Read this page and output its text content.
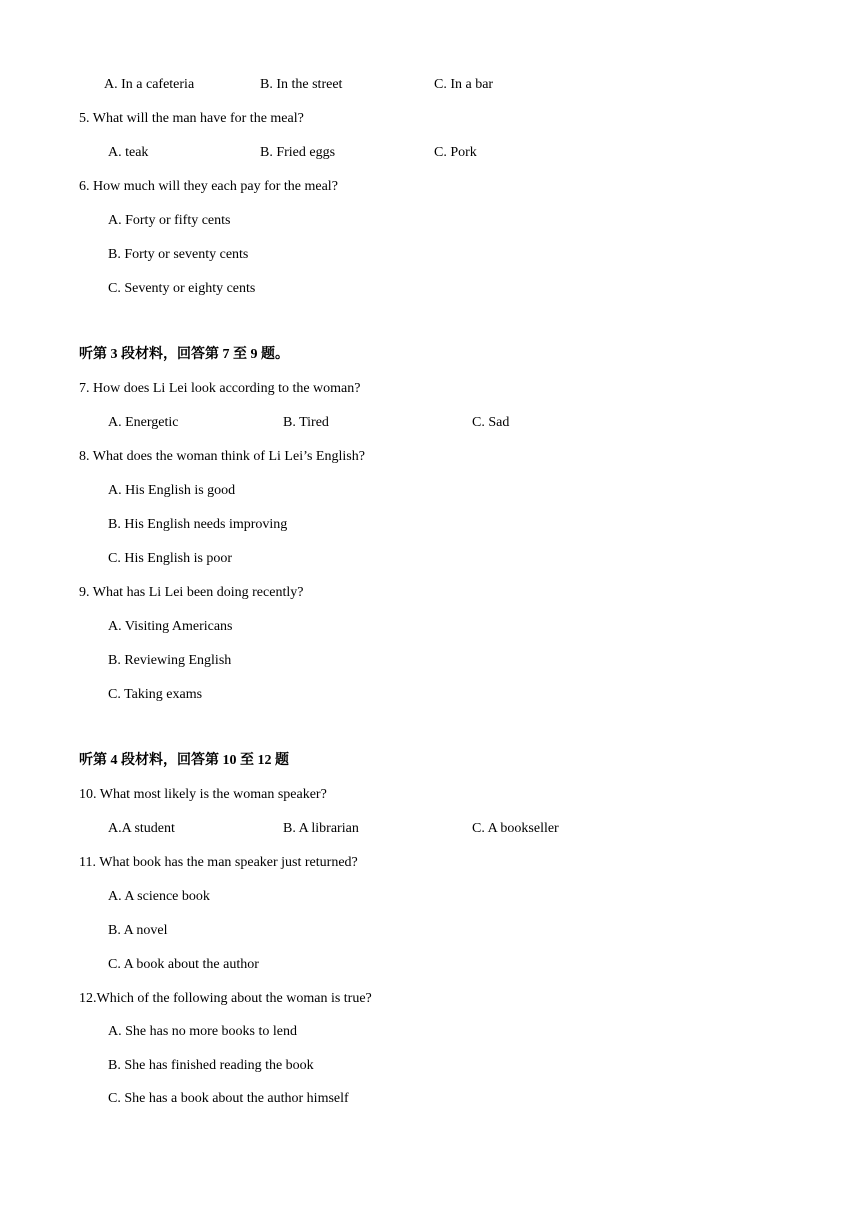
A. In a cafeteria	B. In the street	C. In a bar
5. What will the man have for the meal?
A. teak	B. Fried eggs	C. Pork
6. How much will they each pay for the meal?
A. Forty or fifty cents
B. Forty or seventy cents
C. Seventy or eighty cents
听第 3 段材料，回答第 7 至 9 题。
7. How does Li Lei look according to the woman?
A. Energetic	B. Tired	C. Sad
8. What does the woman think of Li Lei’s English?
A. His English is good
B. His English needs improving
C. His English is poor
9. What has Li Lei been doing recently?
A. Visiting Americans
B. Reviewing English
C. Taking exams
听第 4 段材料，回答第 10 至 12 题
10. What most likely is the woman speaker?
A.A student	B. A librarian	C. A bookseller
11. What book has the man speaker just returned?
A. A science book
B. A novel
C. A book about the author
12.Which of the following about the woman is true?
A. She has no more books to lend
B. She has finished reading the book
C. She has a book about the author himself
